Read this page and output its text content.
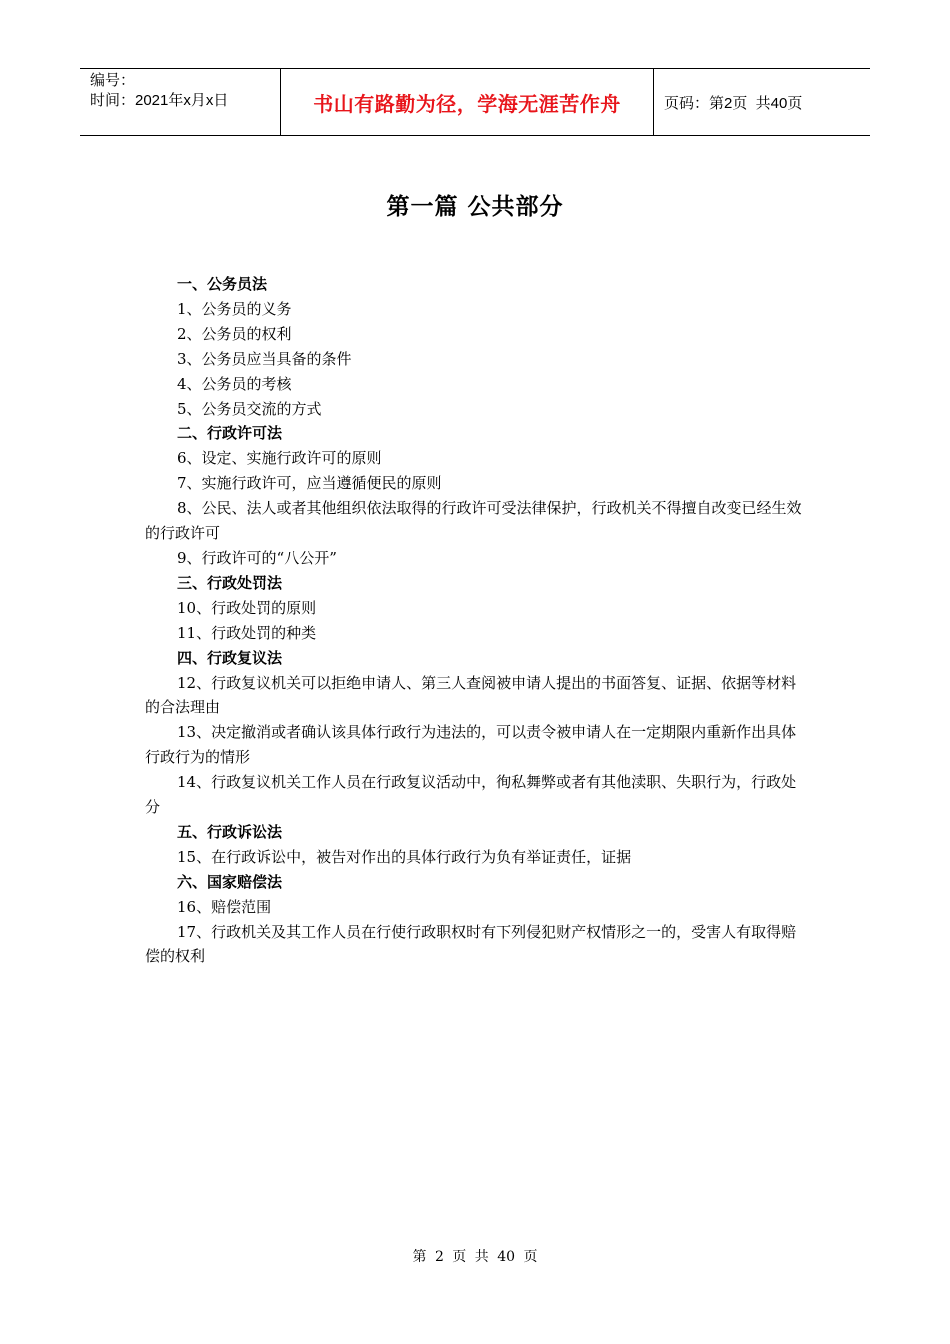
编号：
时间：2021年x月x日	书山有路勤为径，学海无涯苦作舟	页码：第2页  共40页
第一篇 公共部分

一、公务员法

1、公务员的义务

2、公务员的权利

3、公务员应当具备的条件

4、公务员的考核

5、公务员交流的方式

二、行政许可法

6、设定、实施行政许可的原则

7、实施行政许可，应当遵循便民的原则

8、公民、法人或者其他组织依法取得的行政许可受法律保护，行政机关不得擅自改变已经生效的行政许可

9、行政许可的“八公开”

三、行政处罚法

10、行政处罚的原则

11、行政处罚的种类

四、行政复议法

12、行政复议机关可以拒绝申请人、第三人查阅被申请人提出的书面答复、证据、依据等材料的合法理由

13、决定撤消或者确认该具体行政行为违法的，可以责令被申请人在一定期限内重新作出具体行政行为的情形

14、行政复议机关工作人员在行政复议活动中，徇私舞弊或者有其他渎职、失职行为，行政处分

五、行政诉讼法

15、在行政诉讼中，被告对作出的具体行政行为负有举证责任，证据

六、国家赔偿法

16、赔偿范围

17、行政机关及其工作人员在行使行政职权时有下列侵犯财产权情形之一的，受害人有取得赔偿的权利

第 2 页 共 40 页
